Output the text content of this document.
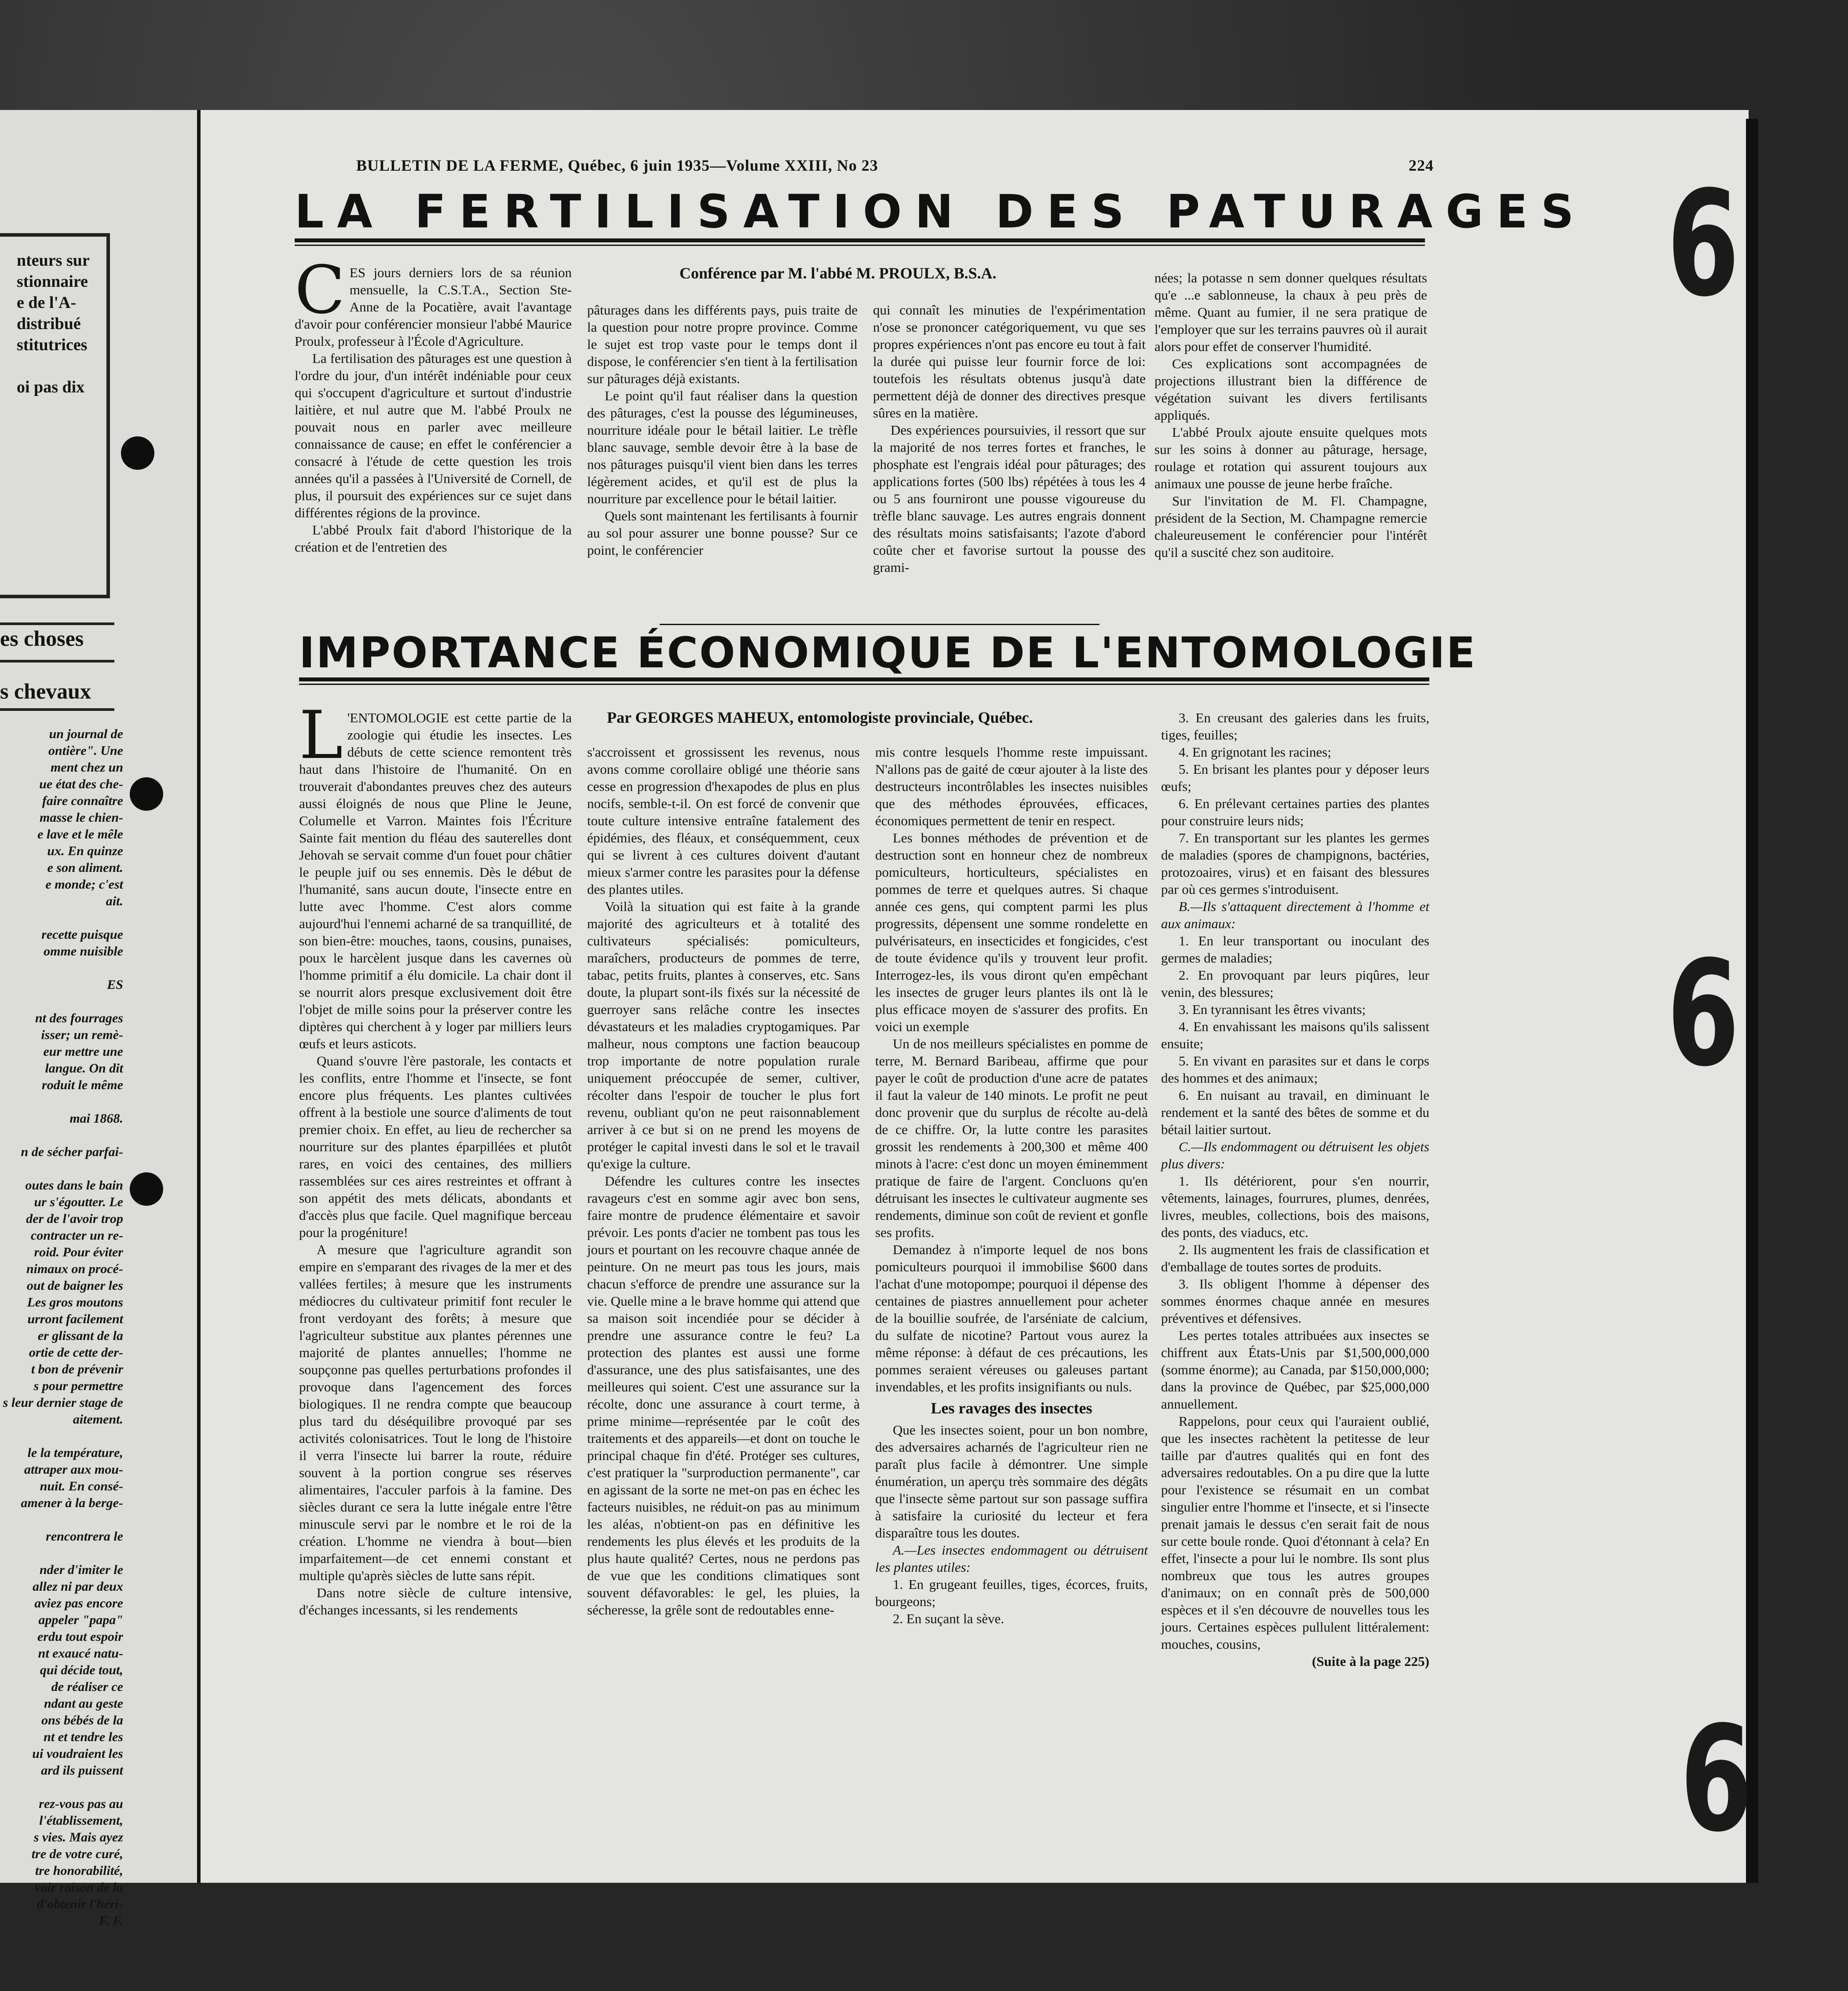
nteurs sur
stionnaire
e de l'A-
distribué
stitutrices

oi pas dix
es choses
s chevaux
un journal de
ontière". Une
ment chez un
ue état des che-
faire connaître
masse le chien-
e lave et le mêle
ux. En quinze
e son aliment.
e monde; c'est
ait.

recette puisque
omme nuisible

ES

nt des fourrages
isser; un remè-
eur mettre une
langue. On dit
roduit le même

mai 1868.

n de sécher parfai-

outes dans le bain
ur s'égoutter. Le
der de l'avoir trop
contracter un re-
roid. Pour éviter
nimaux on procé-
out de baigner les
Les gros moutons
urront facilement
er glissant de la
ortie de cette der-
t bon de prévenir
s pour permettre
s leur dernier stage de
aitement.

le la température,
attraper aux mou-
nuit. En consé-
amener à la berge-

rencontrera le

nder d'imiter le
allez ni par deux
aviez pas encore
appeler "papa"
erdu tout espoir
nt exaucé natu-
qui décide tout,
de réaliser ce
ndant au geste
ons bébés de la
nt et tendre les
ui voudraient les
ard ils puissent

rez-vous pas au
l'établissement,
s vies. Mais ayez
tre de votre curé,
tre honorabilité,
voir raison de la
d'obtenir l'héri-
F. F.
BULLETIN DE LA FERME, Québec, 6 juin 1935—Volume XXIII, No 23	224
LA FERTILISATION DES PATURAGES

CES jours derniers lors de sa réunion mensuelle, la C.S.T.A., Section Ste-Anne de la Pocatière, avait l'avantage d'avoir pour conférencier monsieur l'abbé Maurice Proulx, professeur à l'École d'Agriculture.

La fertilisation des pâturages est une question à l'ordre du jour, d'un intérêt indéniable pour ceux qui s'occupent d'agriculture et surtout d'industrie laitière, et nul autre que M. l'abbé Proulx ne pouvait nous en parler avec meilleure connaissance de cause; en effet le conférencier a consacré à l'étude de cette question les trois années qu'il a passées à l'Université de Cornell, de plus, il poursuit des expériences sur ce sujet dans différentes régions de la province.

L'abbé Proulx fait d'abord l'historique de la création et de l'entretien des

Conférence par M. l'abbé M. PROULX, B.S.A.

pâturages dans les différents pays, puis traite de la question pour notre propre province. Comme le sujet est trop vaste pour le temps dont il dispose, le conférencier s'en tient à la fertilisation sur pâturages déjà existants.

Le point qu'il faut réaliser dans la question des pâturages, c'est la pousse des légumineuses, nourriture idéale pour le bétail laitier. Le trèfle blanc sauvage, semble devoir être à la base de nos pâturages puisqu'il vient bien dans les terres légèrement acides, et qu'il est de plus la nourriture par excellence pour le bétail laitier.

Quels sont maintenant les fertilisants à fournir au sol pour assurer une bonne pousse? Sur ce point, le conférencier

qui connaît les minuties de l'expérimentation n'ose se prononcer catégoriquement, vu que ses propres expériences n'ont pas encore eu tout à fait la durée qui puisse leur fournir force de loi: toutefois les résultats obtenus jusqu'à date permettent déjà de donner des directives presque sûres en la matière.

Des expériences poursuivies, il ressort que sur la majorité de nos terres fortes et franches, le phosphate est l'engrais idéal pour pâturages; des applications fortes (500 lbs) répétées à tous les 4 ou 5 ans fourniront une pousse vigoureuse du trèfle blanc sauvage. Les autres engrais donnent des résultats moins satisfaisants; l'azote d'abord coûte cher et favorise surtout la pousse des grami-

nées; la potasse n sem donner quelques résultats qu'e ...e sablonneuse, la chaux à peu près de même. Quant au fumier, il ne sera pratique de l'employer que sur les terrains pauvres où il aurait alors pour effet de conserver l'humidité.

Ces explications sont accompagnées de projections illustrant bien la différence de végétation suivant les divers fertilisants appliqués.

L'abbé Proulx ajoute ensuite quelques mots sur les soins à donner au pâturage, hersage, roulage et rotation qui assurent toujours aux animaux une pousse de jeune herbe fraîche.

Sur l'invitation de M. Fl. Champagne, président de la Section, M. Champagne remercie chaleureusement le conférencier pour l'intérêt qu'il a suscité chez son auditoire.

IMPORTANCE ÉCONOMIQUE DE L'ENTOMOLOGIE

L 'ENTOMOLOGIE est cette partie de la zoologie qui étudie les insectes. Les débuts de cette science remontent très haut dans l'histoire de l'humanité. On en trouverait d'abondantes preuves chez des auteurs aussi éloignés de nous que Pline le Jeune, Columelle et Varron. Maintes fois l'Écriture Sainte fait mention du fléau des sauterelles dont Jehovah se servait comme d'un fouet pour châtier le peuple juif ou ses ennemis. Dès le début de l'humanité, sans aucun doute, l'insecte entre en lutte avec l'homme. C'est alors comme aujourd'hui l'ennemi acharné de sa tranquillité, de son bien-être: mouches, taons, cousins, punaises, poux le harcèlent jusque dans les cavernes où l'homme primitif a élu domicile. La chair dont il se nourrit alors presque exclusivement doit être l'objet de mille soins pour la préserver contre les diptères qui cherchent à y loger par milliers leurs œufs et leurs asticots.

Quand s'ouvre l'ère pastorale, les contacts et les conflits, entre l'homme et l'insecte, se font encore plus fréquents. Les plantes cultivées offrent à la bestiole une source d'aliments de tout premier choix. En effet, au lieu de rechercher sa nourriture sur des plantes éparpillées et plutôt rares, en voici des centaines, des milliers rassemblées sur ces aires restreintes et offrant à son appétit des mets délicats, abondants et d'accès plus que facile. Quel magnifique berceau pour la progéniture!

A mesure que l'agriculture agrandit son empire en s'emparant des rivages de la mer et des vallées fertiles; à mesure que les instruments médiocres du cultivateur primitif font reculer le front verdoyant des forêts; à mesure que l'agriculteur substitue aux plantes pérennes une majorité de plantes annuelles; l'homme ne soupçonne pas quelles perturbations profondes il provoque dans l'agencement des forces biologiques. Il ne rendra compte que beaucoup plus tard du déséquilibre provoqué par ses activités colonisatrices. Tout le long de l'histoire il verra l'insecte lui barrer la route, réduire souvent à la portion congrue ses réserves alimentaires, l'acculer parfois à la famine. Des siècles durant ce sera la lutte inégale entre l'être minuscule servi par le nombre et le roi de la création. L'homme ne viendra à bout—bien imparfaitement—de cet ennemi constant et multiple qu'après siècles de lutte sans répit.

Dans notre siècle de culture intensive, d'échanges incessants, si les rendements

Par GEORGES MAHEUX, entomologiste provinciale, Québec.

s'accroissent et grossissent les revenus, nous avons comme corollaire obligé une théorie sans cesse en progression d'hexapodes de plus en plus nocifs, semble-t-il. On est forcé de convenir que toute culture intensive entraîne fatalement des épidémies, des fléaux, et conséquemment, ceux qui se livrent à ces cultures doivent d'autant mieux s'armer contre les parasites pour la défense des plantes utiles.

Voilà la situation qui est faite à la grande majorité des agriculteurs et à totalité des cultivateurs spécialisés: pomiculteurs, maraîchers, producteurs de pommes de terre, tabac, petits fruits, plantes à conserves, etc. Sans doute, la plupart sont-ils fixés sur la nécessité de guerroyer sans relâche contre les insectes dévastateurs et les maladies cryptogamiques. Par malheur, nous comptons une faction beaucoup trop importante de notre population rurale uniquement préoccupée de semer, cultiver, récolter dans l'espoir de toucher le plus fort revenu, oubliant qu'on ne peut raisonnablement arriver à ce but si on ne prend les moyens de protéger le capital investi dans le sol et le travail qu'exige la culture.

Défendre les cultures contre les insectes ravageurs c'est en somme agir avec bon sens, faire montre de prudence élémentaire et savoir prévoir. Les ponts d'acier ne tombent pas tous les jours et pourtant on les recouvre chaque année de peinture. On ne meurt pas tous les jours, mais chacun s'efforce de prendre une assurance sur la vie. Quelle mine a le brave homme qui attend que sa maison soit incendiée pour se décider à prendre une assurance contre le feu? La protection des plantes est aussi une forme d'assurance, une des plus satisfaisantes, une des meilleures qui soient. C'est une assurance sur la récolte, donc une assurance à court terme, à prime minime—représentée par le coût des traitements et des appareils—et dont on touche le principal chaque fin d'été. Protéger ses cultures, c'est pratiquer la "surproduction permanente", car en agissant de la sorte ne met-on pas en échec les facteurs nuisibles, ne réduit-on pas au minimum les aléas, n'obtient-on pas en définitive les rendements les plus élevés et les produits de la plus haute qualité? Certes, nous ne perdons pas de vue que les conditions climatiques sont souvent défavorables: le gel, les pluies, la sécheresse, la grêle sont de redoutables enne-

mis contre lesquels l'homme reste impuissant. N'allons pas de gaité de cœur ajouter à la liste des destructeurs incontrôlables les insectes nuisibles que des méthodes éprouvées, efficaces, économiques permettent de tenir en respect.

Les bonnes méthodes de prévention et de destruction sont en honneur chez de nombreux pomiculteurs, horticulteurs, spécialistes en pommes de terre et quelques autres. Si chaque année ces gens, qui comptent parmi les plus progressits, dépensent une somme rondelette en pulvérisateurs, en insecticides et fongicides, c'est de toute évidence qu'ils y trouvent leur profit. Interrogez-les, ils vous diront qu'en empêchant les insectes de gruger leurs plantes ils ont là le plus efficace moyen de s'assurer des profits. En voici un exemple

Un de nos meilleurs spécialistes en pomme de terre, M. Bernard Baribeau, affirme que pour payer le coût de production d'une acre de patates il faut la valeur de 140 minots. Le profit ne peut donc provenir que du surplus de récolte au-delà de ce chiffre. Or, la lutte contre les parasites grossit les rendements à 200,300 et même 400 minots à l'acre: c'est donc un moyen éminemment pratique de faire de l'argent. Concluons qu'en détruisant les insectes le cultivateur augmente ses rendements, diminue son coût de revient et gonfle ses profits.

Demandez à n'importe lequel de nos bons pomiculteurs pourquoi il immobilise $600 dans l'achat d'une motopompe; pourquoi il dépense des centaines de piastres annuellement pour acheter de la bouillie soufrée, de l'arséniate de calcium, du sulfate de nicotine? Partout vous aurez la même réponse: à défaut de ces précautions, les pommes seraient véreuses ou galeuses partant invendables, et les profits insignifiants ou nuls.

Les ravages des insectes

Que les insectes soient, pour un bon nombre, des adversaires acharnés de l'agriculteur rien ne paraît plus facile à démontrer. Une simple énumération, un aperçu très sommaire des dégâts que l'insecte sème partout sur son passage suffira à satisfaire la curiosité du lecteur et fera disparaître tous les doutes.

A.—Les insectes endommagent ou détruisent les plantes utiles:

1. En grugeant feuilles, tiges, écorces, fruits, bourgeons;

2. En suçant la sève.

3. En creusant des galeries dans les fruits, tiges, feuilles;

4. En grignotant les racines;

5. En brisant les plantes pour y déposer leurs œufs;

6. En prélevant certaines parties des plantes pour construire leurs nids;

7. En transportant sur les plantes les germes de maladies (spores de champignons, bactéries, protozoaires, virus) et en faisant des blessures par où ces germes s'introduisent.

B.—Ils s'attaquent directement à l'homme et aux animaux:

1. En leur transportant ou inoculant des germes de maladies;

2. En provoquant par leurs piqûres, leur venin, des blessures;

3. En tyrannisant les êtres vivants;

4. En envahissant les maisons qu'ils salissent ensuite;

5. En vivant en parasites sur et dans le corps des hommes et des animaux;

6. En nuisant au travail, en diminuant le rendement et la santé des bêtes de somme et du bétail laitier surtout.

C.—Ils endommagent ou détruisent les objets plus divers:

1. Ils détériorent, pour s'en nourrir, vêtements, lainages, fourrures, plumes, denrées, livres, meubles, collections, bois des maisons, des ponts, des viaducs, etc.

2. Ils augmentent les frais de classification et d'emballage de toutes sortes de produits.

3. Ils obligent l'homme à dépenser des sommes énormes chaque année en mesures préventives et défensives.

Les pertes totales attribuées aux insectes se chiffrent aux États-Unis par $1,500,000,000 (somme énorme); au Canada, par $150,000,000; dans la province de Québec, par $25,000,000 annuellement.

Rappelons, pour ceux qui l'auraient oublié, que les insectes rachètent la petitesse de leur taille par d'autres qualités qui en font des adversaires redoutables. On a pu dire que la lutte pour l'existence se résumait en un combat singulier entre l'homme et l'insecte, et si l'insecte prenait jamais le dessus c'en serait fait de nous sur cette boule ronde. Quoi d'étonnant à cela? En effet, l'insecte a pour lui le nombre. Ils sont plus nombreux que tous les autres groupes d'animaux; on en connaît près de 500,000 espèces et il s'en découvre de nouvelles tous les jours. Certaines espèces pullulent littéralement: mouches, cousins,

(Suite à la page 225)

6
6
6
